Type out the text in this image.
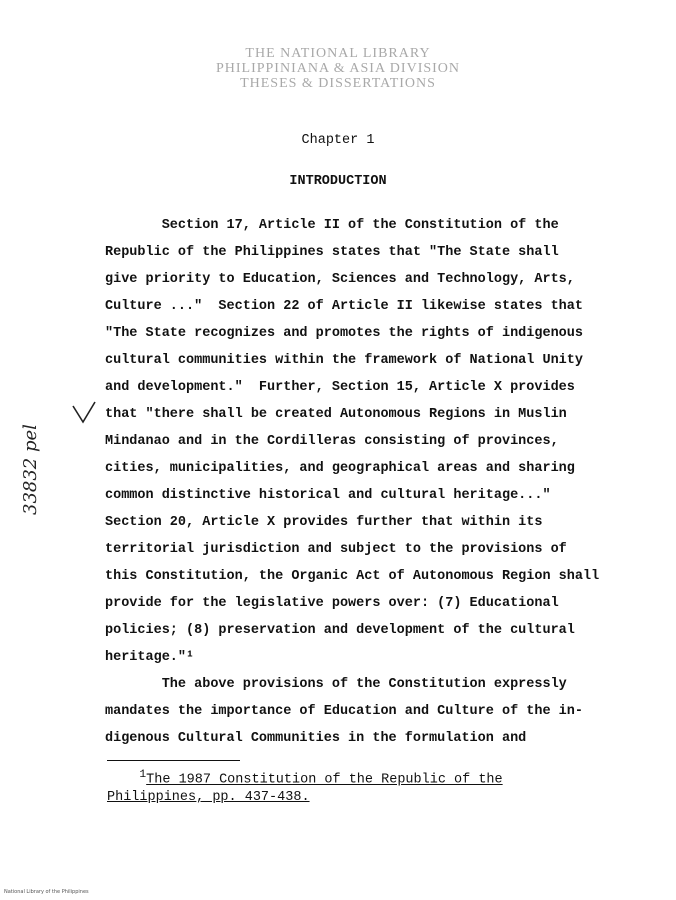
THE NATIONAL LIBRARY
PHILIPPINIANA & ASIA DIVISION
THESES & DISSERTATIONS
Chapter 1
INTRODUCTION
Section 17, Article II of the Constitution of the
Republic of the Philippines states that "The State shall
give priority to Education, Sciences and Technology, Arts,
Culture ..."  Section 22 of Article II likewise states that
"The State recognizes and promotes the rights of indigenous
cultural communities within the framework of National Unity
and development."  Further, Section 15, Article X provides
that "there shall be created Autonomous Regions in Muslin
Mindanao and in the Cordilleras consisting of provinces,
cities, municipalities, and geographical areas and sharing
common distinctive historical and cultural heritage..."
Section 20, Article X provides further that within its
territorial jurisdiction and subject to the provisions of
this Constitution, the Organic Act of Autonomous Region shall
provide for the legislative powers over: (7) Educational
policies; (8) preservation and development of the cultural
heritage."¹
The above provisions of the Constitution expressly
mandates the importance of Education and Culture of the in-
digenous Cultural Communities in the formulation and
$^1$The 1987 Constitution of the Republic of the
Philippines, pp. 437-438.
33832 pel
National Library of the Philippines
